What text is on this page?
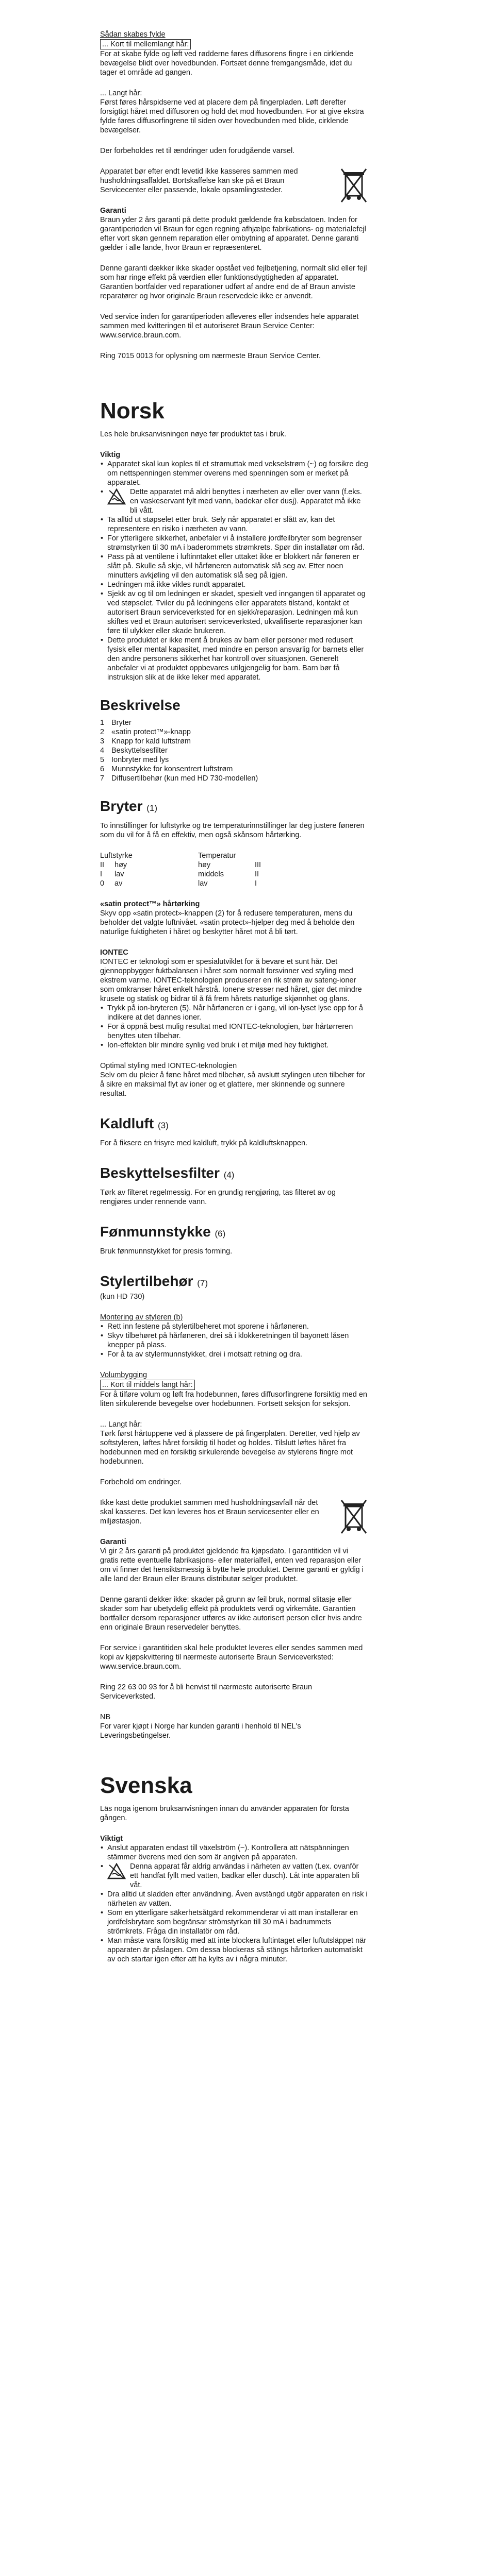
Sådan skabes fylde

... Kort til mellemlangt hår:

For at skabe fylde og løft ved rødderne føres diffusorens fingre i en cirklende bevægelse blidt over hovedbunden. Fortsæt denne fremgangsmåde, idet du tager et område ad gangen.

... Langt hår:

Først føres hårspidserne ved at placere dem på fingerpladen. Løft derefter forsigtigt håret med diffusoren og hold det mod hovedbunden. For at give ekstra fylde føres diffusorfingrene til siden over hovedbunden med blide, cirklende bevægelser.

Der forbeholdes ret til ændringer uden forudgående varsel.

Apparatet bør efter endt levetid ikke kasseres sammen med husholdningsaffaldet. Bortskaffelse kan ske på et Braun Servicecenter eller passende, lokale opsamlingssteder.

Garanti

Braun yder 2 års garanti på dette produkt gældende fra købsdatoen. Inden for garantiperioden vil Braun for egen regning afhjælpe fabrikations- og materialefejl efter vort skøn gennem reparation eller ombytning af apparatet. Denne garanti gælder i alle lande, hvor Braun er repræsenteret.

Denne garanti dækker ikke skader opstået ved fejlbetjening, normalt slid eller fejl som har ringe effekt på værdien eller funktionsdygtigheden af apparatet. Garantien bortfalder ved reparationer udført af andre end de af Braun anviste reparatører og hvor originale Braun reservedele ikke er anvendt.

Ved service inden for garantiperioden afleveres eller indsendes hele apparatet sammen med kvitteringen til et autoriseret Braun Service Center: www.service.braun.com.

Ring 7015 0013 for oplysning om nærmeste Braun Service Center.

Norsk

Les hele bruksanvisningen nøye før produktet tas i bruk.

Viktig

• Apparatet skal kun koples til et strømuttak med vekselstrøm (~) og forsikre deg om nettspenningen stemmer overens med spenningen som er merket på apparatet.
• Dette apparatet må aldri benyttes i nærheten av eller over vann (f.eks. en vaskeservant fylt med vann, badekar eller dusj). Apparatet må ikke bli vått.
• Ta alltid ut støpselet etter bruk. Sely når apparatet er slått av, kan det representere en risiko i nærheten av vann.
• For ytterligere sikkerhet, anbefaler vi å installere jordfeilbryter som begrenser strømstyrken til 30 mA i baderommets strømkrets. Spør din installatør om råd.
• Pass på at ventilene i luftinntaket eller uttaket ikke er blokkert når føneren er slått på. Skulle så skje, vil hårføneren automatisk slå seg av. Etter noen minutters avkjøling vil den automatisk slå seg på igjen.
• Ledningen må ikke vikles rundt apparatet.
• Sjekk av og til om ledningen er skadet, spesielt ved inngangen til apparatet og ved støpselet. Tviler du på ledningens eller apparatets tilstand, kontakt et autorisert Braun serviceverksted for en sjekk/reparasjon. Ledningen må kun skiftes ved et Braun autorisert serviceverksted, ukvalifiserte reparasjoner kan føre til ulykker eller skade brukeren.
• Dette produktet er ikke ment å brukes av barn eller personer med redusert fysisk eller mental kapasitet, med mindre en person ansvarlig for barnets eller den andre personens sikkerhet har kontroll over situasjonen. Generelt anbefaler vi at produktet oppbevares utilgjengelig for barn. Barn bør få instruksjon slik at de ikke leker med apparatet.
Beskrivelse
1 Bryter
2 «satin protect™»-knapp
3 Knapp for kald luftstrøm
4 Beskyttelsesfilter
5 Ionbryter med lys
6 Munnstykke for konsentrert luftstrøm
7 Diffusertilbehør (kun med HD 730-modellen)
Bryter (1)

To innstillinger for luftstyrke og tre temperaturinnstillinger lar deg justere føneren som du vil for å få en effektiv, men også skånsom hårtørking.

Luftstyrke		Temperatur	
II	høy	høy	III
I	lav	middels	II
0	av	lav	I

«satin protect™» hårtørking

Skyv opp «satin protect»-knappen (2) for å redusere temperaturen, mens du beholder det valgte luftnivået. «satin protect»-hjelper deg med å beholde den naturlige fuktigheten i håret og beskytter håret mot å bli tørt.

IONTEC

IONTEC er teknologi som er spesialutviklet for å bevare et sunt hår. Det gjennoppbygger fuktbalansen i håret som normalt forsvinner ved styling med ekstrem varme. IONTEC-teknologien produserer en rik strøm av sateng-ioner som omkranser håret enkelt hårstrå. Ionene stresser ned håret, gjør det mindre krusete og statisk og bidrar til å få frem hårets naturlige skjønnhet og glans.

• Trykk på ion-bryteren (5). Når hårføneren er i gang, vil ion-lyset lyse opp for å indikere at det dannes ioner.
• For å oppnå best mulig resultat med IONTEC-teknologien, bør hårtørreren benyttes uten tilbehør.
• Ion-effekten blir mindre synlig ved bruk i et miljø med hey fuktighet.

Optimal styling med IONTEC-teknologien

Selv om du pleier å føne håret med tilbehør, så avslutt stylingen uten tilbehør for å sikre en maksimal flyt av ioner og et glattere, mer skinnende og sunnere resultat.

Kaldluft (3)

For å fiksere en frisyre med kaldluft, trykk på kaldluftsknappen.

Beskyttelsesfilter (4)

Tørk av filteret regelmessig. For en grundig rengjøring, tas filteret av og rengjøres under rennende vann.

Fønmunnstykke (6)

Bruk fønmunnstykket for presis forming.

Stylertilbehør (7)

(kun HD 730)

Montering av styleren (b)

• Rett inn festene på stylertilbeheret mot sporene i hårføneren.
• Skyv tilbehøret på hårføneren, drei så i klokkeretningen til bayonett låsen knepper på plass.
• For å ta av stylermunnstykket, drei i motsatt retning og dra.

Volumbygging

... Kort til middels langt hår:

For å tilføre volum og løft fra hodebunnen, føres diffusorfingrene forsiktig med en liten sirkulerende bevegelse over hodebunnen. Fortsett seksjon for seksjon.

... Langt hår:

Tørk først hårtuppene ved å plassere de på fingerplaten. Deretter, ved hjelp av softstyleren, løftes håret forsiktig til hodet og holdes. Tilslutt løftes håret fra hodebunnen med en forsiktig sirkulerende bevegelse av stylerens fingre mot hodebunnen.

Forbehold om endringer.

Ikke kast dette produktet sammen med husholdningsavfall når det skal kasseres. Det kan leveres hos et Braun servicesenter eller en miljøstasjon.

Garanti

Vi gir 2 års garanti på produktet gjeldende fra kjøpsdato. I garantitiden vil vi gratis rette eventuelle fabrikasjons- eller materialfeil, enten ved reparasjon eller om vi finner det hensiktsmessig å bytte hele produktet. Denne garanti er gyldig i alle land der Braun eller Brauns distributør selger produktet.

Denne garanti dekker ikke: skader på grunn av feil bruk, normal slitasje eller skader som har ubetydelig effekt på produktets verdi og virkemåte. Garantien bortfaller dersom reparasjoner utføres av ikke autorisert person eller hvis andre enn originale Braun reservedeler benyttes.

For service i garantitiden skal hele produktet leveres eller sendes sammen med kopi av kjøpskvittering til nærmeste autoriserte Braun Serviceverksted: www.service.braun.com.

Ring 22 63 00 93 for å bli henvist til nærmeste autoriserte Braun Serviceverksted.

NB

For varer kjøpt i Norge har kunden garanti i henhold til NEL's Leveringsbetingelser.

Svenska

Läs noga igenom bruksanvisningen innan du använder apparaten för första gången.

Viktigt

• Anslut apparaten endast till växelström (~). Kontrollera att nätspänningen stämmer överens med den som är angiven på apparaten.
• Denna apparat får aldrig användas i närheten av vatten (t.ex. ovanför ett handfat fyllt med vatten, badkar eller dusch). Låt inte apparaten bli våt.
• Dra alltid ut sladden efter användning. Även avstängd utgör apparaten en risk i närheten av vatten.
• Som en ytterligare säkerhetsåtgärd rekommenderar vi att man installerar en jordfelsbrytare som begränsar strömstyrkan till 30 mA i badrummets strömkrets. Fråga din installatör om råd.
• Man måste vara försiktig med att inte blockera luftintaget eller luftutsläppet när apparaten är påslagen. Om dessa blockeras så stängs hårtorken automatiskt av och startar igen efter att ha kylts av i några minuter.
